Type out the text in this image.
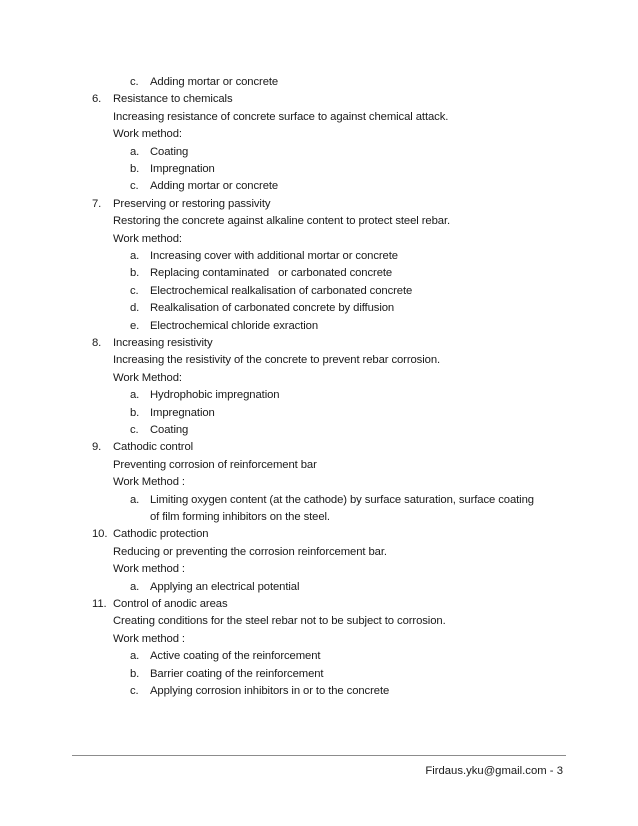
c.	Adding mortar or concrete
6.	Resistance to chemicals
Increasing resistance of concrete surface to against chemical attack.
Work method:
a. Coating
b. Impregnation
c.	Adding mortar or concrete
7.	Preserving or restoring passivity
Restoring the concrete against alkaline content to protect steel rebar.
Work method:
a. Increasing cover with additional mortar or concrete
b. Replacing contaminated   or carbonated concrete
c.	Electrochemical realkalisation of carbonated concrete
d. Realkalisation of carbonated concrete by diffusion
e. Electrochemical chloride exraction
8.	Increasing resistivity
Increasing the resistivity of the concrete to prevent rebar corrosion.
Work Method:
a. Hydrophobic impregnation
b. Impregnation
c.	Coating
9.	Cathodic control
Preventing corrosion of reinforcement bar
Work Method :
a. Limiting oxygen content (at the cathode) by surface saturation, surface coating
of film forming inhibitors on the steel.
10. Cathodic protection
Reducing or preventing the corrosion reinforcement bar.
Work method :
a. Applying an electrical potential
11. Control of anodic areas
Creating conditions for the steel rebar not to be subject to corrosion.
Work method :
a. Active coating of the reinforcement
b. Barrier coating of the reinforcement
c.	Applying corrosion inhibitors in or to the concrete
Firdaus.yku@gmail.com - 3
